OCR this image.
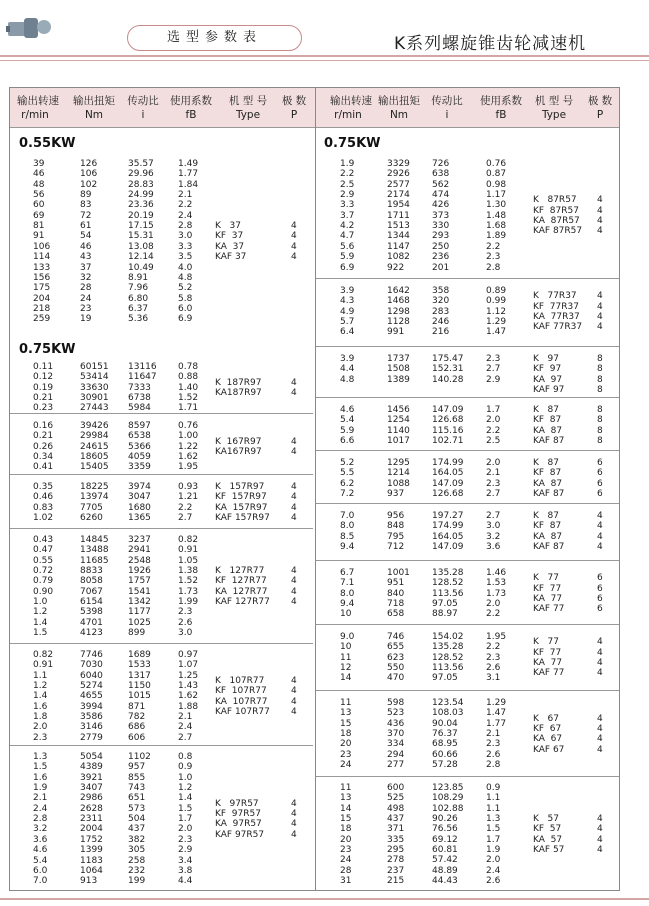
选型参数表	K系列螺旋锥齿轮减速机
输出转速
r/min
输出扭矩
Nm
传动比
i
使用系数
fB
机 型 号
Type
极 数
P
输出转速
r/min
输出扭矩
Nm
传动比
i
使用系数
fB
机 型 号
Type
极 数
P
0.55KW
0.75KW
0.75KW
39
46
48
56
60
69
81
91
106
114
133
156
175
204
218
259
126
106
102
89
83
72
61
54
46
43
37
32
28
24
23
19
35.57
29.96
28.83
24.99
23.36
20.19
17.15
15.31
13.08
12.14
10.49
8.91
7.96
6.80
6.37
5.36
1.49
1.77
1.84
2.1
2.2
2.4
2.8
3.0
3.3
3.5
4.0
4.8
5.2
5.8
6.0
6.9
K   37
KF  37
KA  37
KAF 37
4
4
4
4
0.11
0.12
0.19
0.21
0.23
60151
53414
33630
30901
27443
13116
11647
7333
6738
5984
0.78
0.88
1.40
1.52
1.71
K  187R97
KA187R97
4
4
0.16
0.21
0.26
0.34
0.41
39426
29984
24615
18605
15405
8597
6538
5366
4059
3359
0.76
1.00
1.22
1.62
1.95
K  167R97
KA167R97
4
4
0.35
0.46
0.83
1.02
18225
13974
7705
6260
3974
3047
1680
1365
0.93
1.21
2.2
2.7
K   157R97
KF  157R97
KA  157R97
KAF 157R97
4
4
4
4
0.43
0.47
0.55
0.72
0.79
0.90
1.0
1.2
1.4
1.5
14845
13488
11685
8833
8058
7067
6154
5398
4701
4123
3237
2941
2548
1926
1757
1541
1342
1177
1025
899
0.82
0.91
1.05
1.38
1.52
1.73
1.99
2.3
2.6
3.0
K   127R77
KF  127R77
KA  127R77
KAF 127R77
4
4
4
4
0.82
0.91
1.1
1.2
1.4
1.6
1.8
2.0
2.3
7746
7030
6040
5274
4655
3994
3586
3146
2779
1689
1533
1317
1150
1015
871
782
686
606
0.97
1.07
1.25
1.43
1.62
1.88
2.1
2.4
2.7
K   107R77
KF  107R77
KA  107R77
KAF 107R77
4
4
4
4
1.3
1.5
1.6
1.9
2.1
2.4
2.8
3.2
3.6
4.6
5.4
6.0
7.0
5054
4389
3921
3407
2986
2628
2311
2004
1752
1399
1183
1064
913
1102
957
855
743
651
573
504
437
382
305
258
232
199
0.8
0.9
1.0
1.2
1.4
1.5
1.7
2.0
2.3
2.9
3.4
3.8
4.4
K   97R57
KF  97R57
KA  97R57
KAF 97R57
4
4
4
4
1.9
2.2
2.5
2.9
3.3
3.7
4.2
4.7
5.6
5.9
6.9
3329
2926
2577
2174
1954
1711
1513
1344
1147
1082
922
726
638
562
474
426
373
330
293
250
236
201
0.76
0.87
0.98
1.17
1.30
1.48
1.68
1.89
2.2
2.3
2.8
K   87R57
KF  87R57
KA  87R57
KAF 87R57
4
4
4
4
3.9
4.3
4.9
5.7
6.4
1642
1468
1298
1128
991
358
320
283
246
216
0.89
0.99
1.12
1.29
1.47
K   77R37
KF  77R37
KA  77R37
KAF 77R37
4
4
4
4
3.9
4.4
4.8
1737
1508
1389
175.47
152.31
140.28
2.3
2.7
2.9
K   97
KF  97
KA  97
KAF 97
8
8
8
8
4.6
5.4
5.9
6.6
1456
1254
1140
1017
147.09
126.68
115.16
102.71
1.7
2.0
2.2
2.5
K   87
KF  87
KA  87
KAF 87
8
8
8
8
5.2
5.5
6.2
7.2
1295
1214
1088
937
174.99
164.05
147.09
126.68
2.0
2.1
2.3
2.7
K   87
KF  87
KA  87
KAF 87
6
6
6
6
7.0
8.0
8.5
9.4
956
848
795
712
197.27
174.99
164.05
147.09
2.7
3.0
3.2
3.6
K   87
KF  87
KA  87
KAF 87
4
4
4
4
6.7
7.1
8.0
9.4
10
1001
951
840
718
658
135.28
128.52
113.56
97.05
88.97
1.46
1.53
1.73
2.0
2.2
K   77
KF  77
KA  77
KAF 77
6
6
6
6
9.0
10
11
12
14
746
655
623
550
470
154.02
135.28
128.52
113.56
97.05
1.95
2.2
2.3
2.6
3.1
K   77
KF  77
KA  77
KAF 77
4
4
4
4
11
13
15
18
20
23
24
598
523
436
370
334
294
277
123.54
108.03
90.04
76.37
68.95
60.66
57.28
1.29
1.47
1.77
2.1
2.3
2.6
2.8
K   67
KF  67
KA  67
KAF 67
4
4
4
4
11
13
14
15
18
20
23
24
28
31
600
525
498
437
371
335
295
278
237
215
123.85
108.29
102.88
90.26
76.56
69.12
60.81
57.42
48.89
44.43
0.9
1.1
1.1
1.3
1.5
1.7
1.9
2.0
2.4
2.6
K   57
KF  57
KA  57
KAF 57
4
4
4
4
